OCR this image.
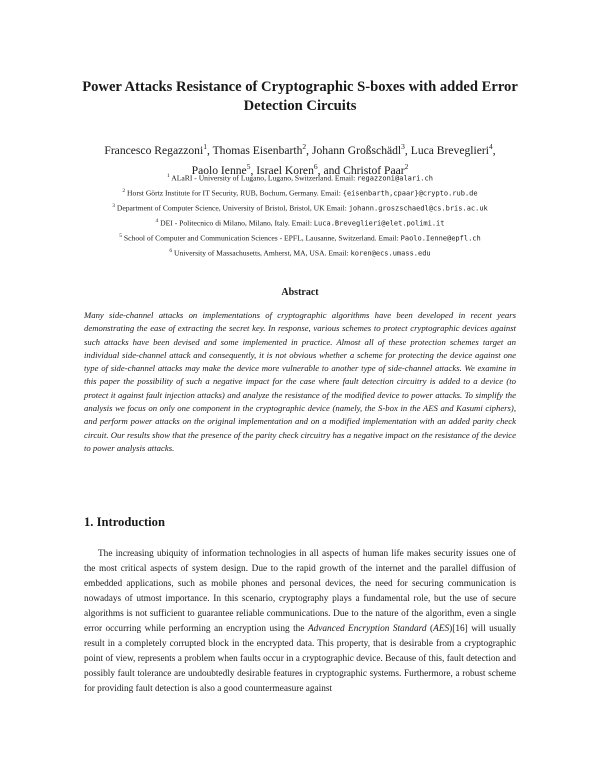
Power Attacks Resistance of Cryptographic S-boxes with added Error Detection Circuits
Francesco Regazzoni$^1$, Thomas Eisenbarth$^2$, Johann Großschädl$^3$, Luca Breveglieri$^4$,
Paolo Ienne$^5$, Israel Koren$^6$, and Christof Paar$^2$
$^1$ ALaRI - University of Lugano, Lugano, Switzerland. Email: regazzoni@alari.ch
$^2$ Horst Görtz Institute for IT Security, RUB, Bochum, Germany. Email: {eisenbarth,cpaar}@crypto.rub.de
$^3$ Department of Computer Science, University of Bristol, Bristol, UK Email: johann.groszschaedl@cs.bris.ac.uk
$^4$ DEI - Politecnico di Milano, Milano, Italy. Email: Luca.Breveglieri@elet.polimi.it
$^5$ School of Computer and Communication Sciences - EPFL, Lausanne, Switzerland. Email: Paolo.Ienne@epfl.ch
$^6$ University of Massachusetts, Amherst, MA, USA. Email: koren@ecs.umass.edu
Abstract
Many side-channel attacks on implementations of cryptographic algorithms have been developed in recent years demonstrating the ease of extracting the secret key. In response, various schemes to protect cryptographic devices against such attacks have been devised and some implemented in practice. Almost all of these protection schemes target an individual side-channel attack and consequently, it is not obvious whether a scheme for protecting the device against one type of side-channel attacks may make the device more vulnerable to another type of side-channel attacks. We examine in this paper the possibility of such a negative impact for the case where fault detection circuitry is added to a device (to protect it against fault injection attacks) and analyze the resistance of the modified device to power attacks. To simplify the analysis we focus on only one component in the cryptographic device (namely, the S-box in the AES and Kasumi ciphers), and perform power attacks on the original implementation and on a modified implementation with an added parity check circuit. Our results show that the presence of the parity check circuitry has a negative impact on the resistance of the device to power analysis attacks.
1. Introduction
The increasing ubiquity of information technologies in all aspects of human life makes security issues one of the most critical aspects of system design. Due to the rapid growth of the internet and the parallel diffusion of embedded applications, such as mobile phones and personal devices, the need for securing communication is nowadays of utmost importance. In this scenario, cryptography plays a fundamental role, but the use of secure algorithms is not sufficient to guarantee reliable communications. Due to the nature of the algorithm, even a single error occurring while performing an encryption using the Advanced Encryption Standard (AES)[16] will usually result in a completely corrupted block in the encrypted data. This property, that is desirable from a cryptographic point of view, represents a problem when faults occur in a cryptographic device. Because of this, fault detection and possibly fault tolerance are undoubtedly desirable features in cryptographic systems. Furthermore, a robust scheme for providing fault detection is also a good countermeasure against
